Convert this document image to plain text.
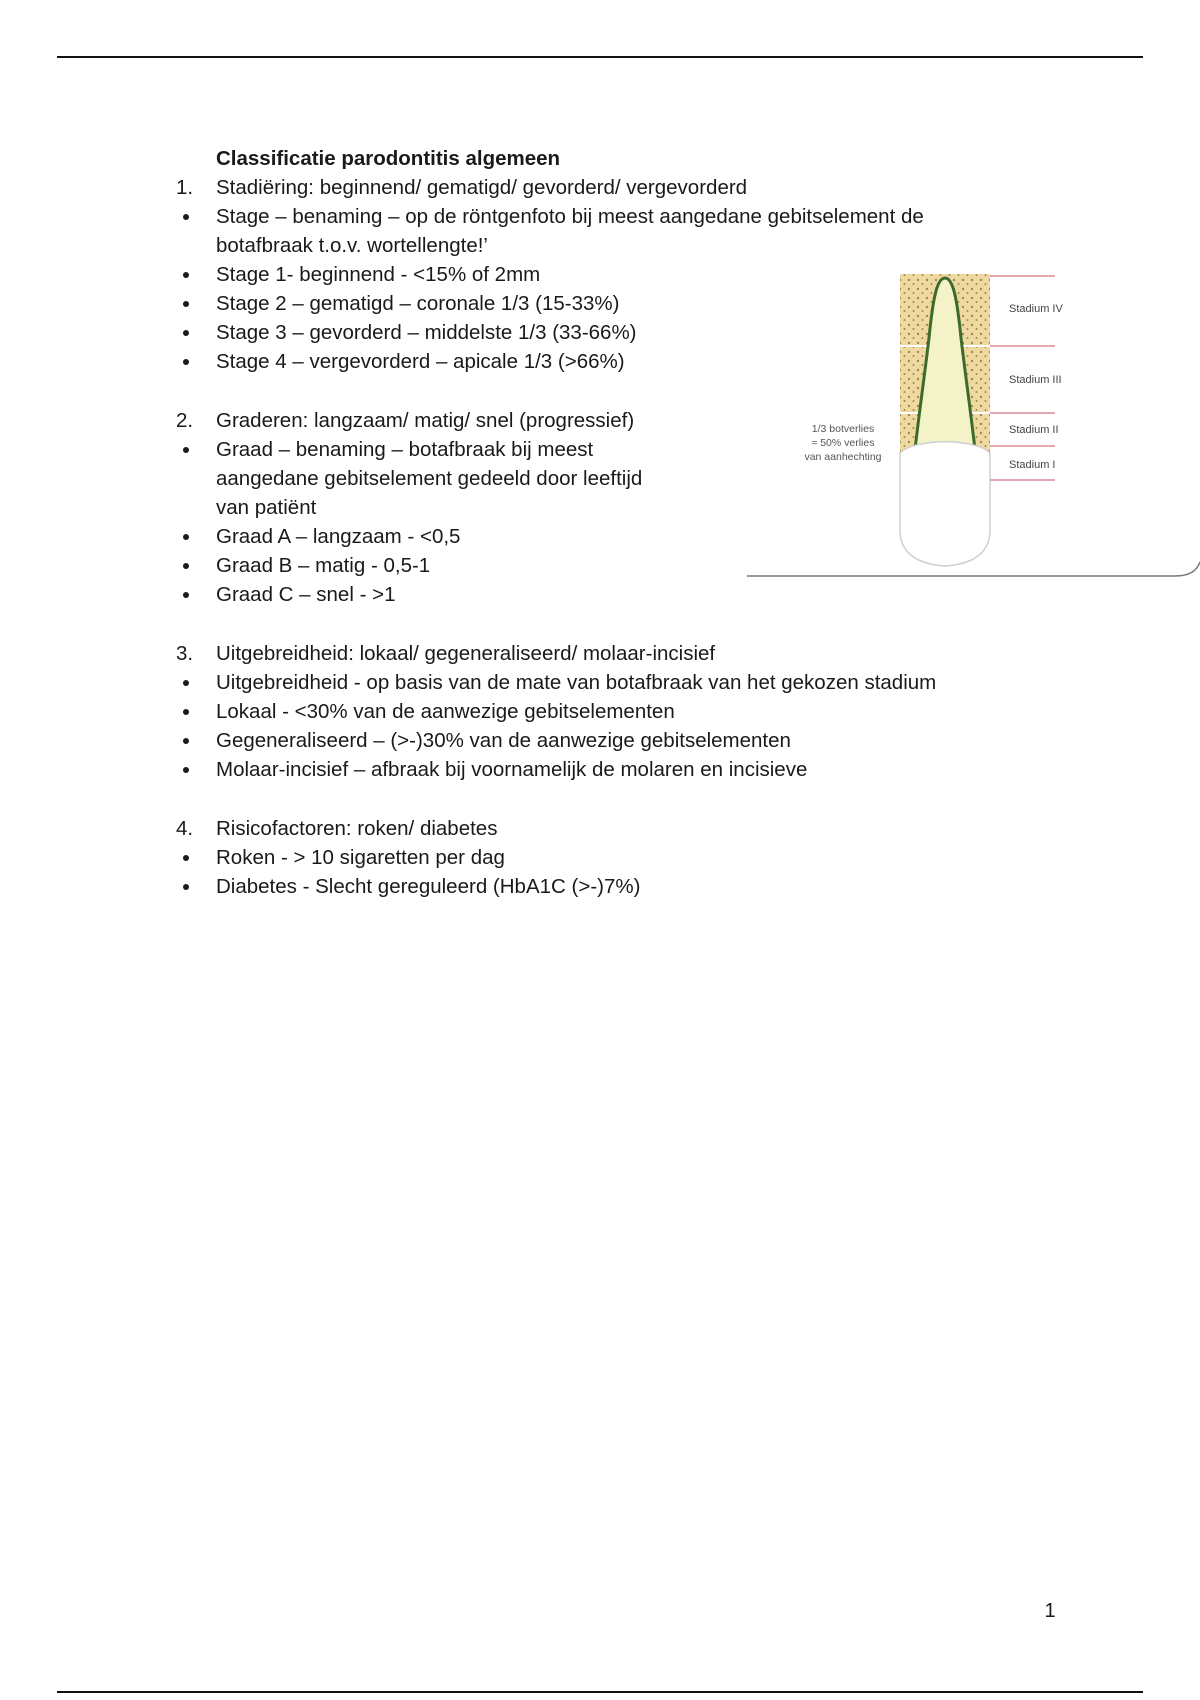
Classificatie parodontitis algemeen
1.	Stadiëring: beginnend/ gematigd/ gevorderd/ vergevorderd
Stage – benaming – op de röntgenfoto bij meest aangedane gebitselement de
botafbraak t.o.v. wortellengte!’
Stage 1- beginnend - <15% of 2mm
Stage 2 – gematigd – coronale 1/3 (15-33%)
Stage 3 – gevorderd – middelste 1/3 (33-66%)
Stage 4 – vergevorderd – apicale 1/3 (>66%)
2.	Graderen: langzaam/ matig/ snel (progressief)
Graad – benaming – botafbraak bij meest
aangedane gebitselement gedeeld door leeftijd
van patiënt
Graad A – langzaam - <0,5
Graad B – matig - 0,5-1
Graad C – snel - >1
3.	Uitgebreidheid: lokaal/ gegeneraliseerd/ molaar-incisief
Uitgebreidheid - op basis van de mate van botafbraak van het gekozen stadium
Lokaal - <30% van de aanwezige gebitselementen
Gegeneraliseerd – (>-)30% van de aanwezige gebitselementen
Molaar-incisief – afbraak bij voornamelijk de molaren en incisieve
4.	Risicofactoren: roken/ diabetes
Roken - > 10 sigaretten per dag
Diabetes - Slecht gereguleerd (HbA1C (>-)7%)
Stadium IV
Stadium III
Stadium II
Stadium I
1/3 botverlies
≈ 50% verlies
van aanhechting
1
